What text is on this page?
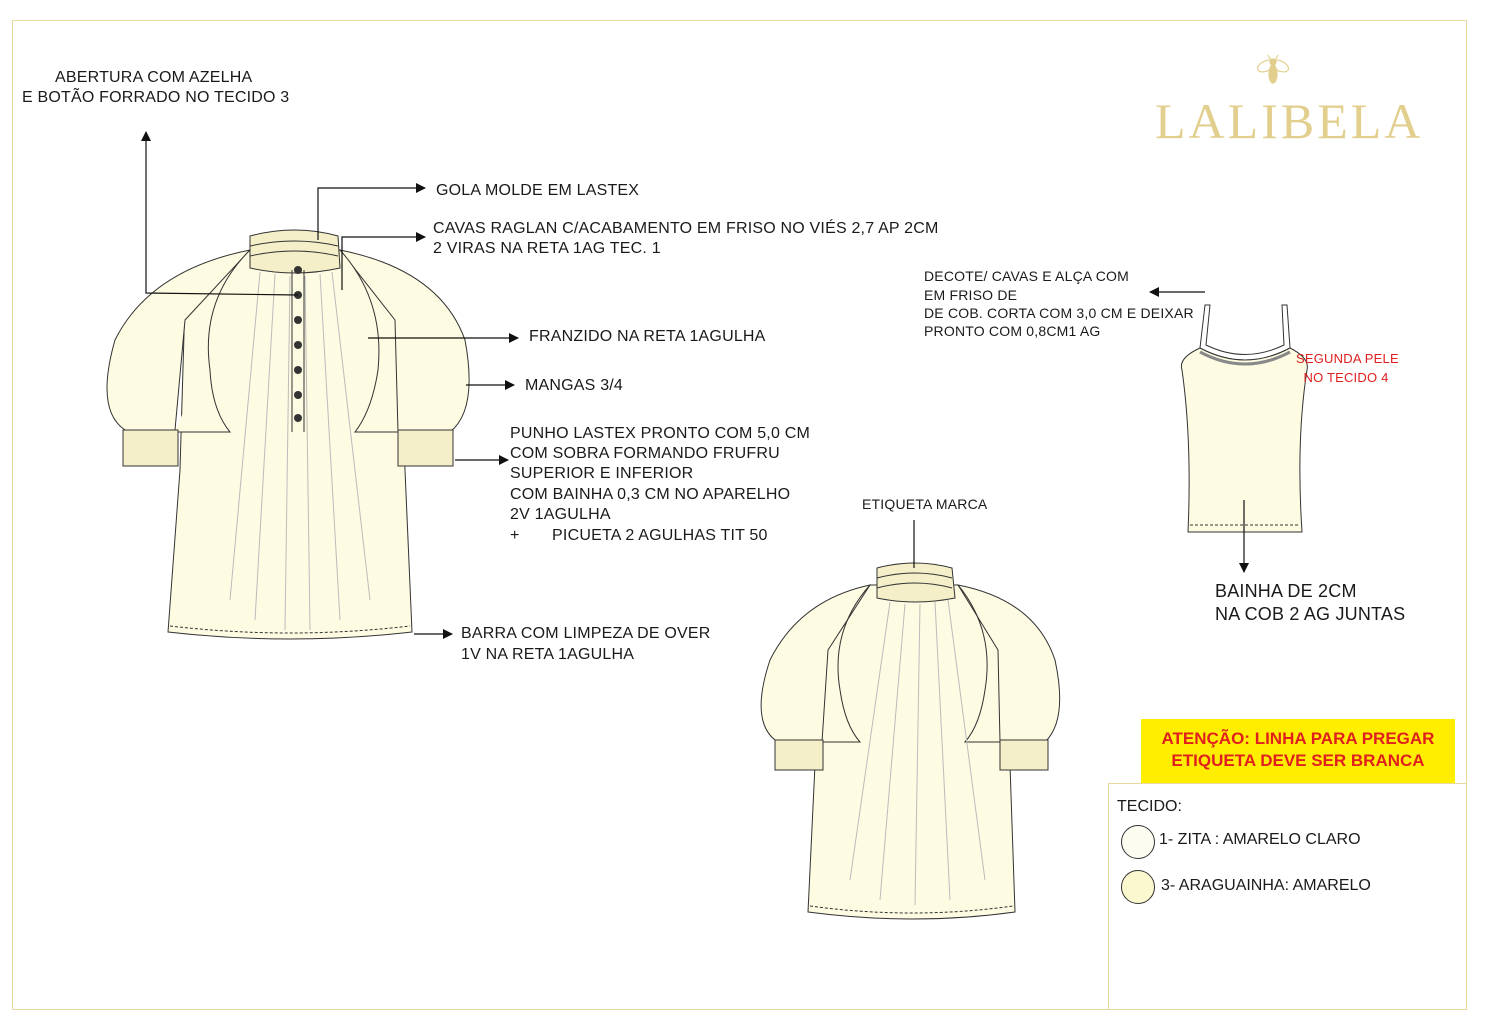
LALIBELA
ABERTURA COM AZELHA
E BOTÃO FORRADO NO TECIDO 3
GOLA MOLDE EM LASTEX
CAVAS RAGLAN C/ACABAMENTO EM FRISO NO VIÉS 2,7 AP 2CM
2 VIRAS NA RETA 1AG TEC. 1
FRANZIDO NA RETA 1AGULHA
MANGAS 3/4
PUNHO LASTEX PRONTO COM 5,0 CM
COM SOBRA FORMANDO FRUFRU
SUPERIOR E INFERIOR
COM BAINHA 0,3 CM NO APARELHO
2V 1AGULHA
+       PICUETA 2 AGULHAS TIT 50
BARRA COM LIMPEZA DE OVER
1V NA RETA 1AGULHA
ETIQUETA MARCA
DECOTE/ CAVAS E ALÇA COM
EM FRISO DE
DE COB. CORTA COM 3,0 CM E DEIXAR
PRONTO COM 0,8CM1 AG
SEGUNDA PELE
NO TECIDO 4
BAINHA DE 2CM
NA COB 2 AG JUNTAS
ATENÇÃO: LINHA PARA PREGAR
ETIQUETA DEVE SER BRANCA
TECIDO:
1- ZITA : AMARELO CLARO
3- ARAGUAINHA: AMARELO
